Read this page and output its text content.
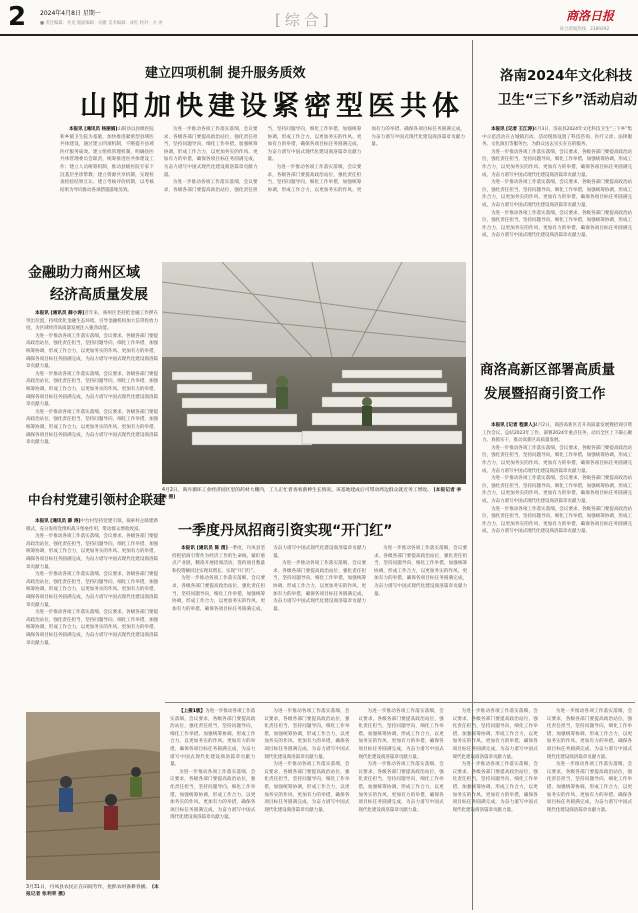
2 2024年4月8日 星期一
■ 责任编辑：李龙 版面编辑：尚雅 美术编辑：成红 校对：方 涛	[综合]	商洛日报
综合新闻热线：2389292
建立四项机制 提升服务质效
山阳加快建设紧密型医共体

本报讯 [通讯员 杨丽娟]山阳县以县级医院和乡镇卫生院为基础，加快推进紧密型县域医共体建设，通过建立四项机制，不断提升县域医疗服务质效。建立组织管理机制，明确县医共体管理委员会职责，统筹推进医共体建设工作；建立人员统筹机制，推动县级医院专家下沉基层坐诊带教；建立资源共享机制，实现检查检验结果互认；建立考核评价机制，以考核结果为导向推动各项措施落地见效。

为进一步推动各项工作落实落细，会议要求，各级各部门要提高政治站位，强化责任担当，坚持问题导向，细化工作举措，加强统筹协调，形成工作合力，以更加务实的作风、更加有力的举措，确保各项目标任务圆满完成，为奋力谱写中国式现代化建设商洛篇章贡献力量。

为进一步推动各项工作落实落细，会议要求，各级各部门要提高政治站位，强化责任担当，坚持问题导向，细化工作举措，加强统筹协调，形成工作合力，以更加务实的作风、更加有力的举措，确保各项目标任务圆满完成，为奋力谱写中国式现代化建设商洛篇章贡献力量。

为进一步推动各项工作落实落细，会议要求，各级各部门要提高政治站位，强化责任担当，坚持问题导向，细化工作举措，加强统筹协调，形成工作合力，以更加务实的作风、更加有力的举措，确保各项目标任务圆满完成，为奋力谱写中国式现代化建设商洛篇章贡献力量。

洛南2024年文化科技
卫生“三下乡”活动启动

本报讯 [记者 王江涛]4月3日，洛南县2024年文化科技卫生“三下乡”集中示范活动在古城镇启动。活动现场设置了科技咨询、医疗义诊、法律服务、文化演出等服务台，为群众送去实实在在的服务。

为进一步推动各项工作落实落细，会议要求，各级各部门要提高政治站位，强化责任担当，坚持问题导向，细化工作举措，加强统筹协调，形成工作合力，以更加务实的作风、更加有力的举措，确保各项目标任务圆满完成，为奋力谱写中国式现代化建设商洛篇章贡献力量。

为进一步推动各项工作落实落细，会议要求，各级各部门要提高政治站位，强化责任担当，坚持问题导向，细化工作举措，加强统筹协调，形成工作合力，以更加务实的作风、更加有力的举措，确保各项目标任务圆满完成，为奋力谱写中国式现代化建设商洛篇章贡献力量。

为进一步推动各项工作落实落细，会议要求，各级各部门要提高政治站位，强化责任担当，坚持问题导向，细化工作举措，加强统筹协调，形成工作合力，以更加务实的作风、更加有力的举措，确保各项目标任务圆满完成，为奋力谱写中国式现代化建设商洛篇章贡献力量。

金融助力商州区域
经济高质量发展

本报讯 [通讯员 薛小涛]近年来，商州区坚持把金融工作摆在突出位置，持续优化金融生态环境，引导金融机构加大信贷投放力度，为区域经济高质量发展注入强劲动能。

为进一步推动各项工作落实落细，会议要求，各级各部门要提高政治站位，强化责任担当，坚持问题导向，细化工作举措，加强统筹协调，形成工作合力，以更加务实的作风、更加有力的举措，确保各项目标任务圆满完成，为奋力谱写中国式现代化建设商洛篇章贡献力量。

为进一步推动各项工作落实落细，会议要求，各级各部门要提高政治站位，强化责任担当，坚持问题导向，细化工作举措，加强统筹协调，形成工作合力，以更加务实的作风、更加有力的举措，确保各项目标任务圆满完成，为奋力谱写中国式现代化建设商洛篇章贡献力量。

为进一步推动各项工作落实落细，会议要求，各级各部门要提高政治站位，强化责任担当，坚持问题导向，细化工作举措，加强统筹协调，形成工作合力，以更加务实的作风、更加有力的举措，确保各项目标任务圆满完成，为奋力谱写中国式现代化建设商洛篇章贡献力量。

4月2日，商丹循环工业经济园区里的药材大棚内，工人正忙着查看菌棒生长情况。该基地建成后可带动周边群众就近务工增收。 (本报记者 李 俊 摄)
商洛高新区部署高质量
发展暨招商引资工作

本报讯 [记者 程景人]4月2日，商洛高新区召开高质量发展暨招商引资工作会议，总结2023年工作，部署2024年重点任务，动员全区上下凝心聚力、真抓实干，推动高新区高质量发展。

为进一步推动各项工作落实落细，会议要求，各级各部门要提高政治站位，强化责任担当，坚持问题导向，细化工作举措，加强统筹协调，形成工作合力，以更加务实的作风、更加有力的举措，确保各项目标任务圆满完成，为奋力谱写中国式现代化建设商洛篇章贡献力量。

为进一步推动各项工作落实落细，会议要求，各级各部门要提高政治站位，强化责任担当，坚持问题导向，细化工作举措，加强统筹协调，形成工作合力，以更加务实的作风、更加有力的举措，确保各项目标任务圆满完成，为奋力谱写中国式现代化建设商洛篇章贡献力量。

为进一步推动各项工作落实落细，会议要求，各级各部门要提高政治站位，强化责任担当，坚持问题导向，细化工作举措，加强统筹协调，形成工作合力，以更加务实的作风、更加有力的举措，确保各项目标任务圆满完成，为奋力谱写中国式现代化建设商洛篇章贡献力量。

中台村党建引领村企联建

本报讯 [通讯员 薛 涛]中台村坚持党建引领，探索村企联建新模式，充分发挥党组织战斗堡垒作用，带动群众增收致富。

为进一步推动各项工作落实落细，会议要求，各级各部门要提高政治站位，强化责任担当，坚持问题导向，细化工作举措，加强统筹协调，形成工作合力，以更加务实的作风、更加有力的举措，确保各项目标任务圆满完成，为奋力谱写中国式现代化建设商洛篇章贡献力量。

为进一步推动各项工作落实落细，会议要求，各级各部门要提高政治站位，强化责任担当，坚持问题导向，细化工作举措，加强统筹协调，形成工作合力，以更加务实的作风、更加有力的举措，确保各项目标任务圆满完成，为奋力谱写中国式现代化建设商洛篇章贡献力量。

为进一步推动各项工作落实落细，会议要求，各级各部门要提高政治站位，强化责任担当，坚持问题导向，细化工作举措，加强统筹协调，形成工作合力，以更加务实的作风、更加有力的举措，确保各项目标任务圆满完成，为奋力谱写中国式现代化建设商洛篇章贡献力量。

一季度丹凤招商引资实现“开门红”

本报讯 [通讯员 陈 清]一季度，丹凤县坚持把招商引资作为经济工作的生命线，紧盯重点产业链，精准开展招商活动，签约项目数量和投资额同比实现双增长，实现“开门红”。

为进一步推动各项工作落实落细，会议要求，各级各部门要提高政治站位，强化责任担当，坚持问题导向，细化工作举措，加强统筹协调，形成工作合力，以更加务实的作风、更加有力的举措，确保各项目标任务圆满完成，为奋力谱写中国式现代化建设商洛篇章贡献力量。

为进一步推动各项工作落实落细，会议要求，各级各部门要提高政治站位，强化责任担当，坚持问题导向，细化工作举措，加强统筹协调，形成工作合力，以更加务实的作风、更加有力的举措，确保各项目标任务圆满完成，为奋力谱写中国式现代化建设商洛篇章贡献力量。

为进一步推动各项工作落实落细，会议要求，各级各部门要提高政治站位，强化责任担当，坚持问题导向，细化工作举措，加强统筹协调，形成工作合力，以更加务实的作风、更加有力的举措，确保各项目标任务圆满完成，为奋力谱写中国式现代化建设商洛篇章贡献力量。

3月31日，丹凤县农民正在田间劳作，抢抓农时备耕春播。 (本报记者 张利荣 摄)

【上接1版】为进一步推动各项工作落实落细，会议要求，各级各部门要提高政治站位，强化责任担当，坚持问题导向，细化工作举措，加强统筹协调，形成工作合力，以更加务实的作风、更加有力的举措，确保各项目标任务圆满完成，为奋力谱写中国式现代化建设商洛篇章贡献力量。

为进一步推动各项工作落实落细，会议要求，各级各部门要提高政治站位，强化责任担当，坚持问题导向，细化工作举措，加强统筹协调，形成工作合力，以更加务实的作风、更加有力的举措，确保各项目标任务圆满完成，为奋力谱写中国式现代化建设商洛篇章贡献力量。

为进一步推动各项工作落实落细，会议要求，各级各部门要提高政治站位，强化责任担当，坚持问题导向，细化工作举措，加强统筹协调，形成工作合力，以更加务实的作风、更加有力的举措，确保各项目标任务圆满完成，为奋力谱写中国式现代化建设商洛篇章贡献力量。

为进一步推动各项工作落实落细，会议要求，各级各部门要提高政治站位，强化责任担当，坚持问题导向，细化工作举措，加强统筹协调，形成工作合力，以更加务实的作风、更加有力的举措，确保各项目标任务圆满完成，为奋力谱写中国式现代化建设商洛篇章贡献力量。

为进一步推动各项工作落实落细，会议要求，各级各部门要提高政治站位，强化责任担当，坚持问题导向，细化工作举措，加强统筹协调，形成工作合力，以更加务实的作风、更加有力的举措，确保各项目标任务圆满完成，为奋力谱写中国式现代化建设商洛篇章贡献力量。

为进一步推动各项工作落实落细，会议要求，各级各部门要提高政治站位，强化责任担当，坚持问题导向，细化工作举措，加强统筹协调，形成工作合力，以更加务实的作风、更加有力的举措，确保各项目标任务圆满完成，为奋力谱写中国式现代化建设商洛篇章贡献力量。

为进一步推动各项工作落实落细，会议要求，各级各部门要提高政治站位，强化责任担当，坚持问题导向，细化工作举措，加强统筹协调，形成工作合力，以更加务实的作风、更加有力的举措，确保各项目标任务圆满完成，为奋力谱写中国式现代化建设商洛篇章贡献力量。

为进一步推动各项工作落实落细，会议要求，各级各部门要提高政治站位，强化责任担当，坚持问题导向，细化工作举措，加强统筹协调，形成工作合力，以更加务实的作风、更加有力的举措，确保各项目标任务圆满完成，为奋力谱写中国式现代化建设商洛篇章贡献力量。

为进一步推动各项工作落实落细，会议要求，各级各部门要提高政治站位，强化责任担当，坚持问题导向，细化工作举措，加强统筹协调，形成工作合力，以更加务实的作风、更加有力的举措，确保各项目标任务圆满完成，为奋力谱写中国式现代化建设商洛篇章贡献力量。

为进一步推动各项工作落实落细，会议要求，各级各部门要提高政治站位，强化责任担当，坚持问题导向，细化工作举措，加强统筹协调，形成工作合力，以更加务实的作风、更加有力的举措，确保各项目标任务圆满完成，为奋力谱写中国式现代化建设商洛篇章贡献力量。
